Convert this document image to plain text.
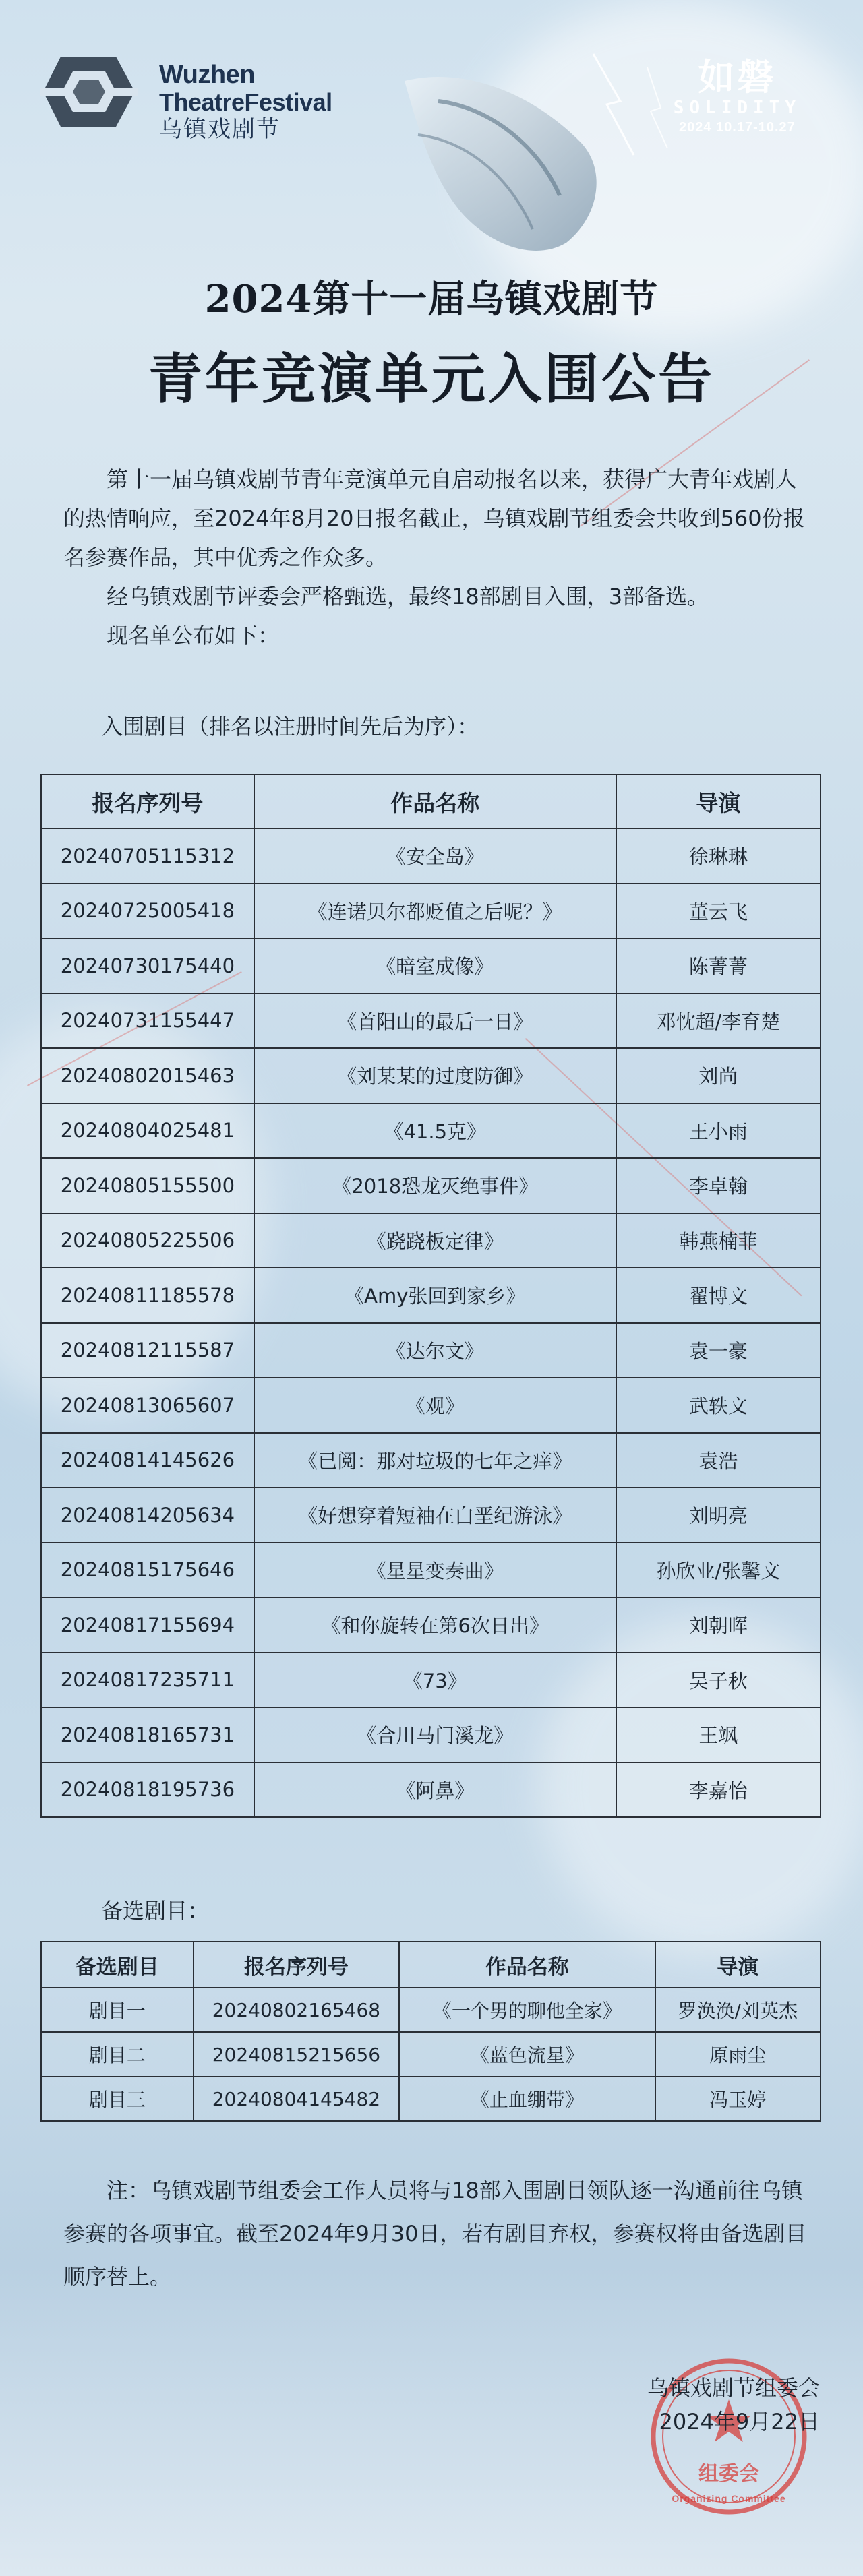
Wuzhen
TheatreFestival
乌镇戏剧节
如磐
SOLIDITY
2024 10.17-10.27
2024第十一届乌镇戏剧节
青年竞演单元入围公告

第十一届乌镇戏剧节青年竞演单元自启动报名以来，获得广大青年戏剧人的热情响应，至2024年8月20日报名截止，乌镇戏剧节组委会共收到560份报名参赛作品，其中优秀之作众多。

经乌镇戏剧节评委会严格甄选，最终18部剧目入围，3部备选。

现名单公布如下：

入围剧目（排名以注册时间先后为序）：
报名序列号	作品名称	导演
20240705115312	《安全岛》	徐琳琳
20240725005418	《连诺贝尔都贬值之后呢？》	董云飞
20240730175440	《暗室成像》	陈菁菁
20240731155447	《首阳山的最后一日》	邓忱超/李育楚
20240802015463	《刘某某的过度防御》	刘尚
20240804025481	《41.5克》	王小雨
20240805155500	《2018恐龙灭绝事件》	李卓翰
20240805225506	《跷跷板定律》	韩燕楠菲
20240811185578	《Amy张回到家乡》	翟博文
20240812115587	《达尔文》	袁一豪
20240813065607	《观》	武轶文
20240814145626	《已阅：那对垃圾的七年之痒》	袁浩
20240814205634	《好想穿着短袖在白垩纪游泳》	刘明亮
20240815175646	《星星变奏曲》	孙欣业/张馨文
20240817155694	《和你旋转在第6次日出》	刘朝晖
20240817235711	《73》	吴子秋
20240818165731	《合川马门溪龙》	王飒
20240818195736	《阿鼻》	李嘉怡
备选剧目：
备选剧目	报名序列号	作品名称	导演
剧目一	20240802165468	《一个男的聊他全家》	罗涣涣/刘英杰
剧目二	20240815215656	《蓝色流星》	原雨尘
剧目三	20240804145482	《止血绷带》	冯玉婷

注：乌镇戏剧节组委会工作人员将与18部入围剧目领队逐一沟通前往乌镇参赛的各项事宜。截至2024年9月30日，若有剧目弃权，参赛权将由备选剧目顺序替上。

组委会
Organizing Committee
乌镇戏剧节组委会
2024年9月22日
